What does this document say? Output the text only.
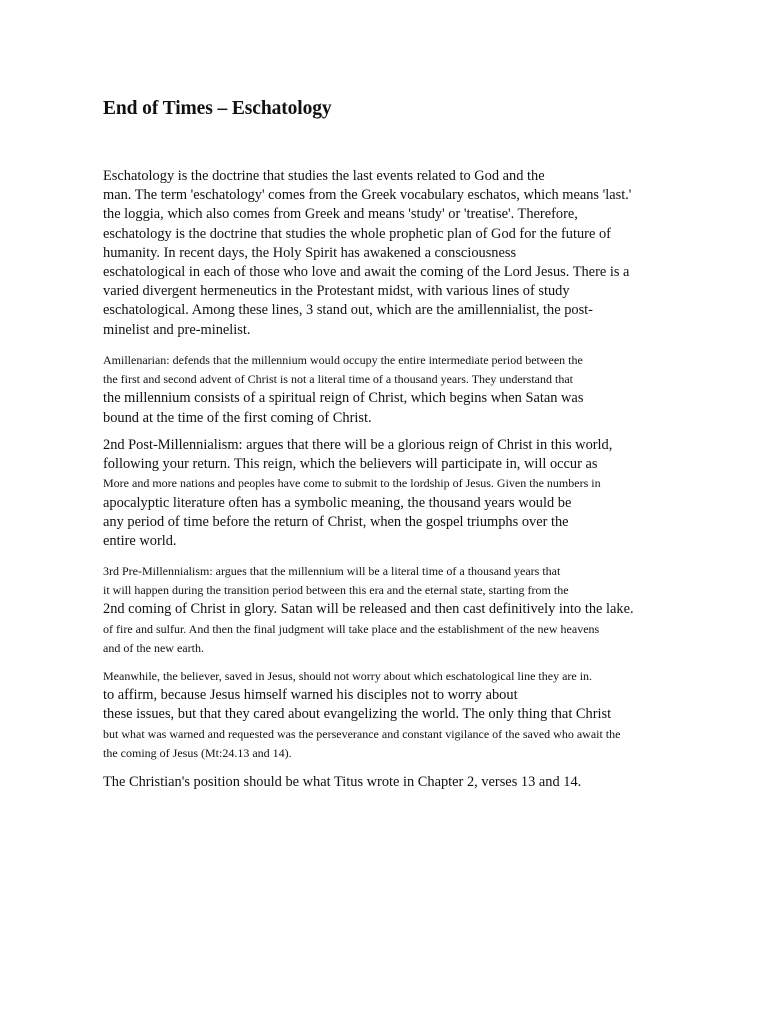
End of Times – Eschatology
Eschatology is the doctrine that studies the last events related to God and the
man. The term 'eschatology' comes from the Greek vocabulary eschatos, which means 'last.'
the loggia, which also comes from Greek and means 'study' or 'treatise'. Therefore,
eschatology is the doctrine that studies the whole prophetic plan of God for the future of
humanity. In recent days, the Holy Spirit has awakened a consciousness
eschatological in each of those who love and await the coming of the Lord Jesus. There is a
varied divergent hermeneutics in the Protestant midst, with various lines of study
eschatological. Among these lines, 3 stand out, which are the amillennialist, the post-
minelist and pre-minelist.
Amillenarian: defends that the millennium would occupy the entire intermediate period between the
the first and second advent of Christ is not a literal time of a thousand years. They understand that
the millennium consists of a spiritual reign of Christ, which begins when Satan was
bound at the time of the first coming of Christ.
2nd Post-Millennialism: argues that there will be a glorious reign of Christ in this world,
following your return. This reign, which the believers will participate in, will occur as
More and more nations and peoples have come to submit to the lordship of Jesus. Given the numbers in
apocalyptic literature often has a symbolic meaning, the thousand years would be
any period of time before the return of Christ, when the gospel triumphs over the
entire world.
3rd Pre-Millennialism: argues that the millennium will be a literal time of a thousand years that
it will happen during the transition period between this era and the eternal state, starting from the
2nd coming of Christ in glory. Satan will be released and then cast definitively into the lake.
of fire and sulfur. And then the final judgment will take place and the establishment of the new heavens
and of the new earth.
Meanwhile, the believer, saved in Jesus, should not worry about which eschatological line they are in.
to affirm, because Jesus himself warned his disciples not to worry about
these issues, but that they cared about evangelizing the world. The only thing that Christ
but what was warned and requested was the perseverance and constant vigilance of the saved who await the
the coming of Jesus (Mt:24.13 and 14).
The Christian's position should be what Titus wrote in Chapter 2, verses 13 and 14.
